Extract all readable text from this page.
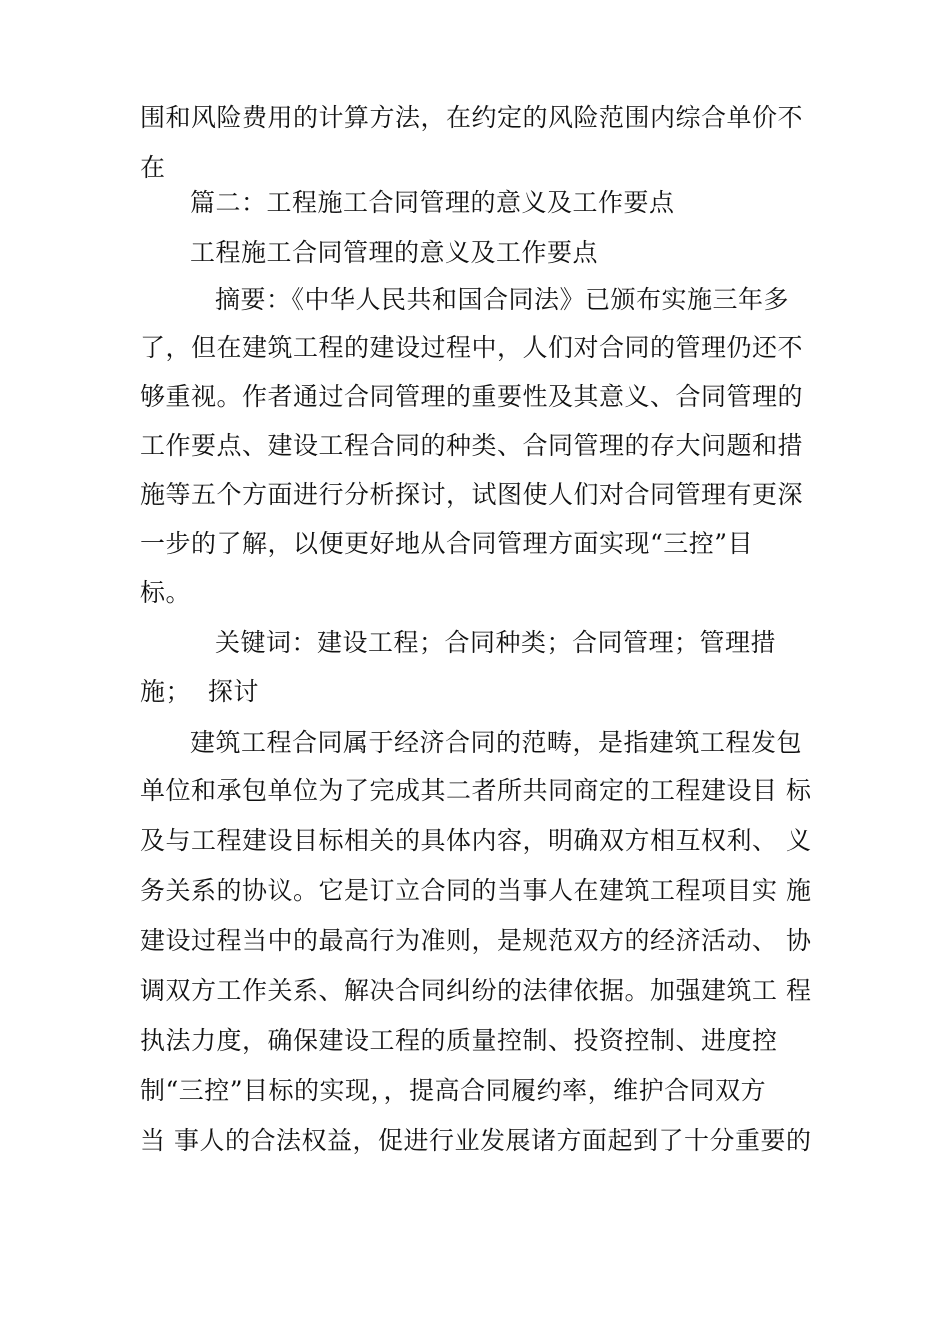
围和风险费用的计算方法，在约定的风险范围内综合单价不
在
篇二：工程施工合同管理的意义及工作要点
工程施工合同管理的意义及工作要点
摘要：《中华人民共和国合同法》已颁布实施三年多
了，但在建筑工程的建设过程中，人们对合同的管理仍还不
够重视。作者通过合同管理的重要性及其意义、合同管理的
工作要点、建设工程合同的种类、合同管理的存大问题和措
施等五个方面进行分析探讨，试图使人们对合同管理有更深
一步的了解，以便更好地从合同管理方面实现“三控”目
标。
关键词：建设工程；合同种类；合同管理；管理措
施；  探讨
建筑工程合同属于经济合同的范畴，是指建筑工程发包
单位和承包单位为了完成其二者所共同商定的工程建设目 标
及与工程建设目标相关的具体内容，明确双方相互权利、 义
务关系的协议。它是订立合同的当事人在建筑工程项目实 施
建设过程当中的最高行为准则，是规范双方的经济活动、 协
调双方工作关系、解决合同纠纷的法律依据。加强建筑工 程
执法力度，确保建设工程的质量控制、投资控制、进度控
制“三控”目标的实现，，提高合同履约率，维护合同双方
当 事人的合法权益，促进行业发展诸方面起到了十分重要的
